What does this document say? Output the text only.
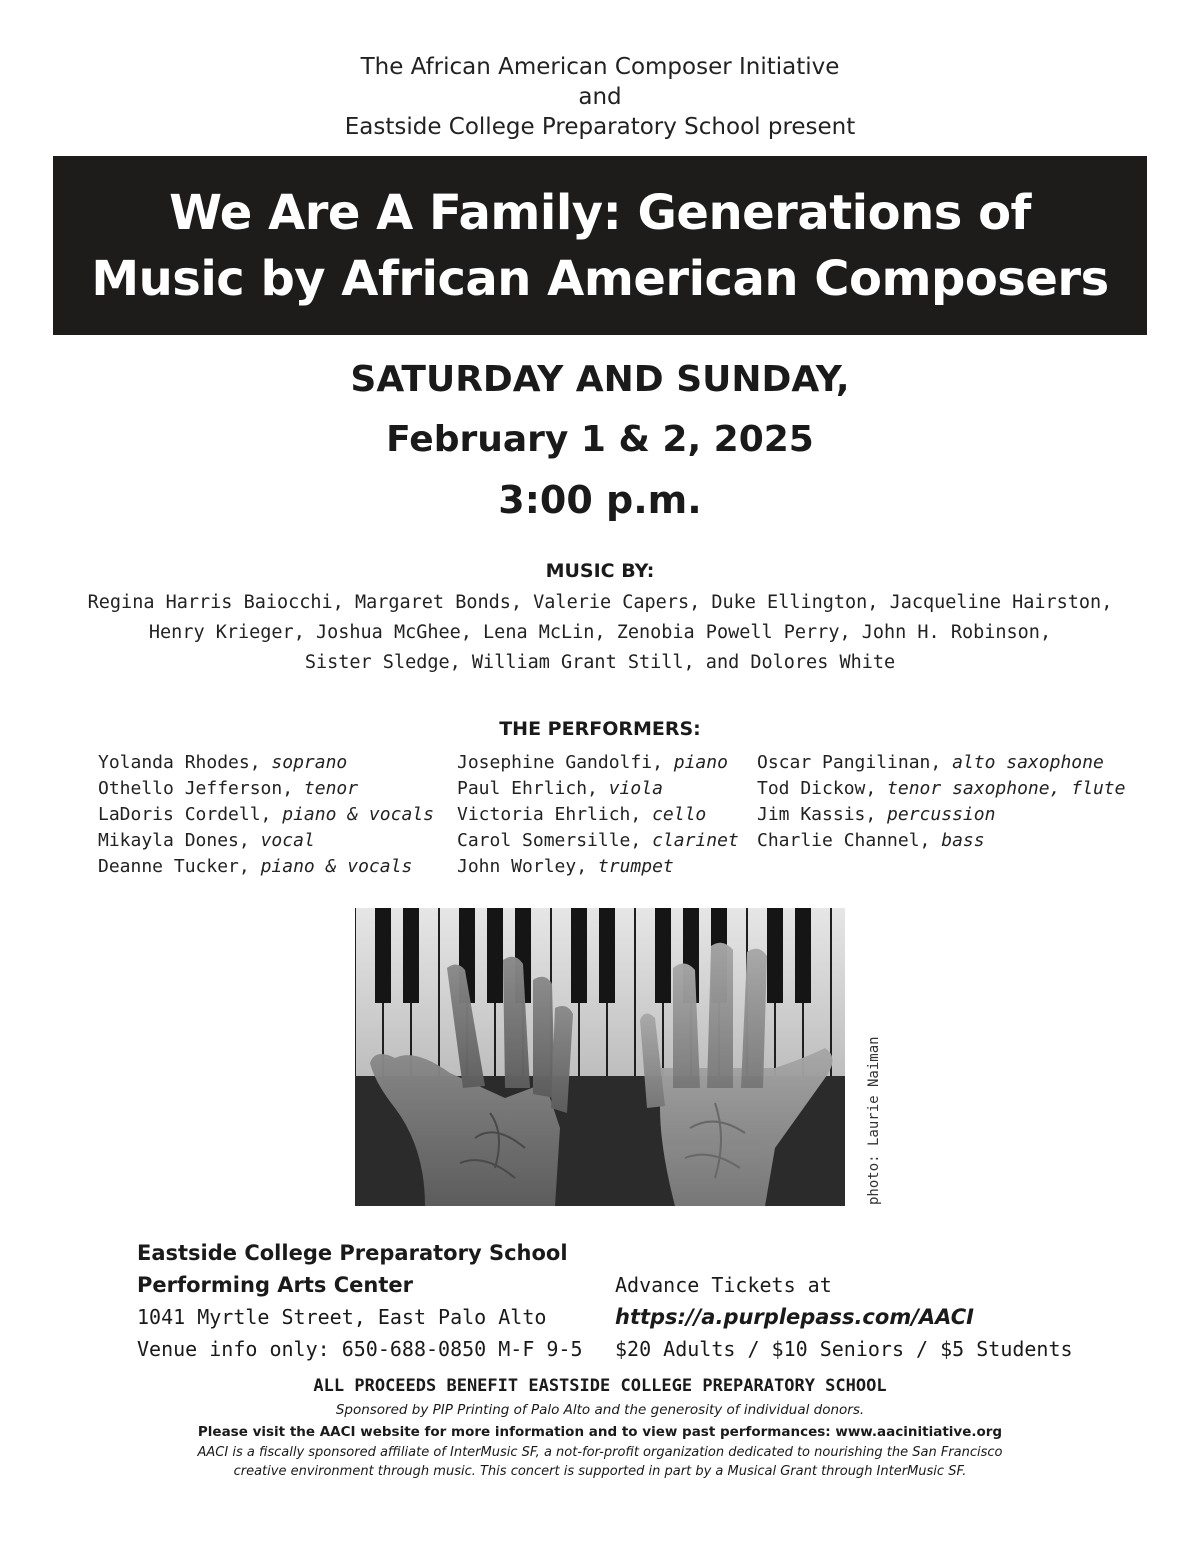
The African American Composer Initiative
and
Eastside College Preparatory School present
We Are A Family: Generations of
Music by African American Composers
SATURDAY AND SUNDAY,
February 1 & 2, 2025
3:00 p.m.
MUSIC BY:
Regina Harris Baiocchi, Margaret Bonds, Valerie Capers, Duke Ellington, Jacqueline Hairston,
Henry Krieger, Joshua McGhee, Lena McLin, Zenobia Powell Perry, John H. Robinson,
Sister Sledge, William Grant Still, and Dolores White
THE PERFORMERS:
Yolanda Rhodes, soprano
Othello Jefferson, tenor
LaDoris Cordell, piano & vocals
Mikayla Dones, vocal
Deanne Tucker, piano & vocals
Josephine Gandolfi, piano
Paul Ehrlich, viola
Victoria Ehrlich, cello
Carol Somersille, clarinet
John Worley, trumpet
Oscar Pangilinan, alto saxophone
Tod Dickow, tenor saxophone, flute
Jim Kassis, percussion
Charlie Channel, bass
photo: Laurie Naiman
Eastside College Preparatory School
Performing Arts Center
1041 Myrtle Street, East Palo Alto
Venue info only: 650-688-0850 M-F 9-5
Advance Tickets at
https://a.purplepass.com/AACI
$20 Adults / $10 Seniors / $5 Students
ALL PROCEEDS BENEFIT EASTSIDE COLLEGE PREPARATORY SCHOOL
Sponsored by PIP Printing of Palo Alto and the generosity of individual donors.
Please visit the AACI website for more information and to view past performances: www.aacinitiative.org
AACI is a fiscally sponsored affiliate of InterMusic SF, a not-for-profit organization dedicated to nourishing the San Francisco
creative environment through music. This concert is supported in part by a Musical Grant through InterMusic SF.
